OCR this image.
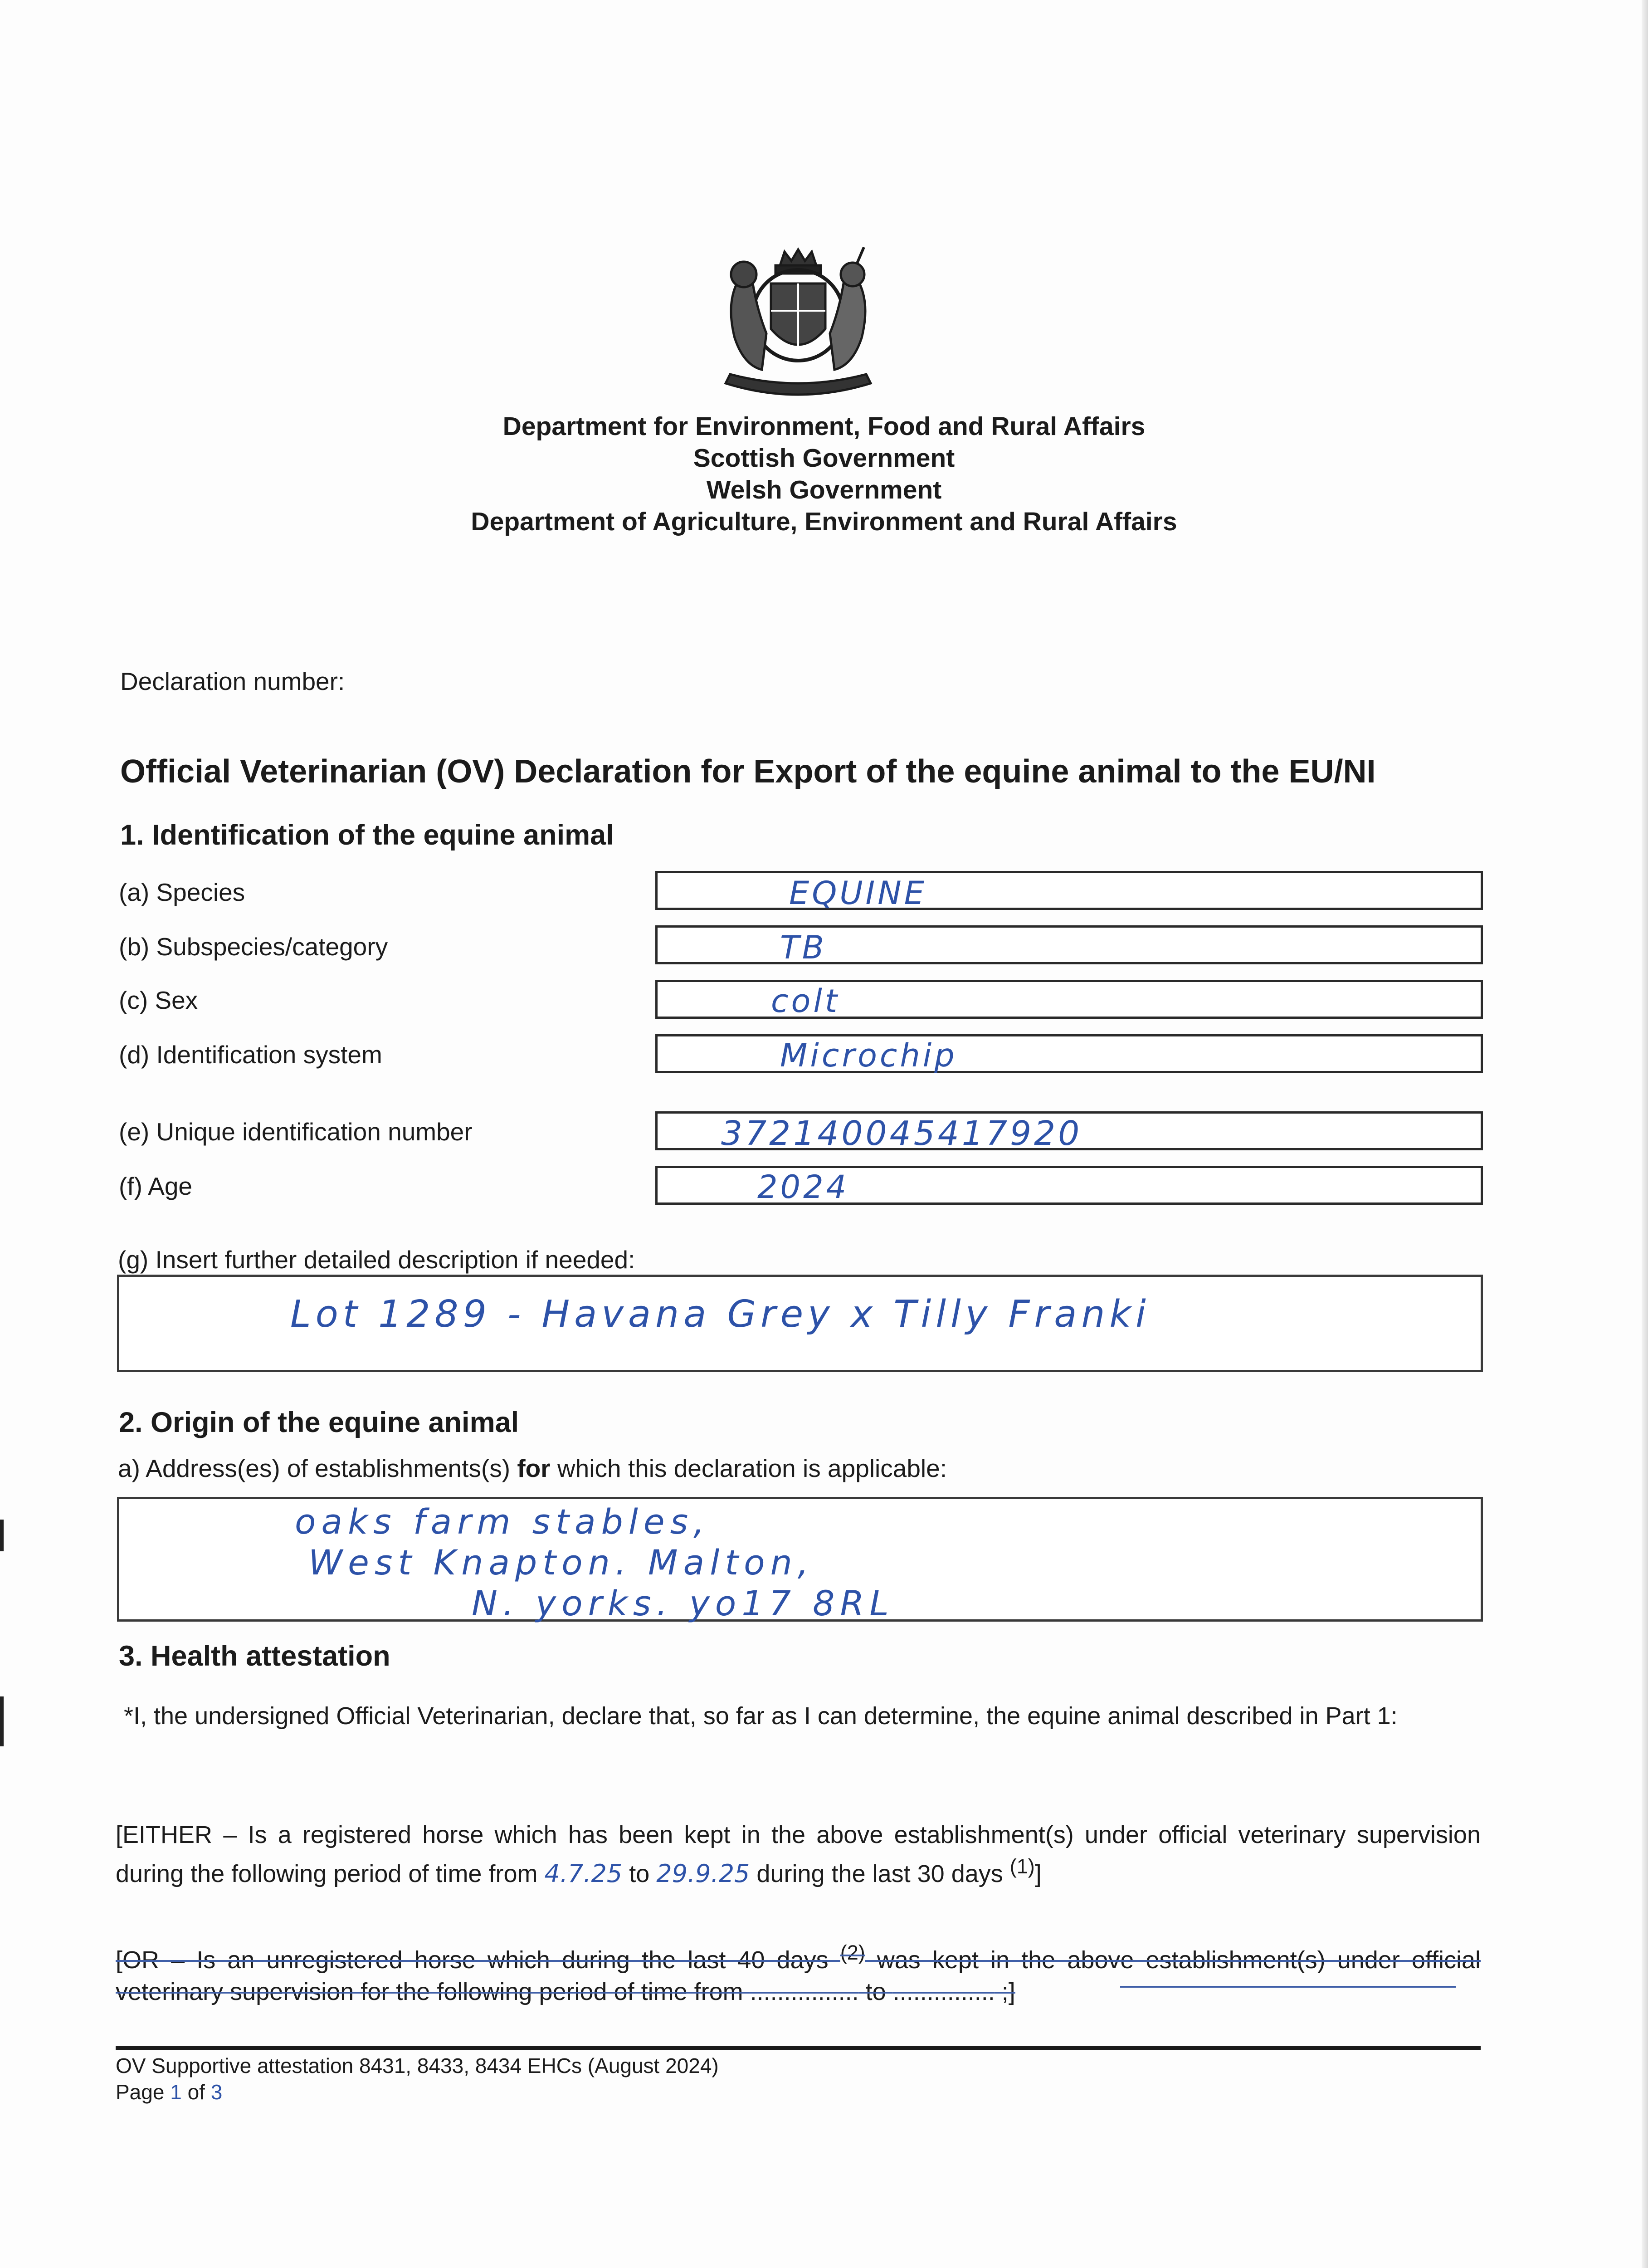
Department for Environment, Food and Rural Affairs
Scottish Government
Welsh Government
Department of Agriculture, Environment and Rural Affairs
Declaration number:
Official Veterinarian (OV) Declaration for Export of the equine animal to the EU/NI
1. Identification of the equine animal
(a) Species	EQUINE
(b) Subspecies/category	TB
(c) Sex	colt
(d) Identification system	Microchip
(e) Unique identification number	372140045417920
(f) Age	2024
(g) Insert further detailed description if needed:
Lot 1289 - Havana Grey x Tilly Franki
2. Origin of the equine animal
a) Address(es) of establishments(s) for which this declaration is applicable:
oaks farm stables,
West Knapton. Malton,
N. yorks. yo17 8RL
3. Health attestation
*I, the undersigned Official Veterinarian, declare that, so far as I can determine, the equine animal described in Part 1:
[EITHER – Is a registered horse which has been kept in the above establishment(s) under official veterinary supervision during the following period of time from 4.7.25 to 29.9.25 during the last 30 days $^{(1)}$]
[OR – Is an unregistered horse which during the last 40 days $^{(2)}$ was kept in the above establishment(s) under official veterinary supervision for the following period of time from ................ to ............... ;]
OV Supportive attestation 8431, 8433, 8434 EHCs (August 2024)
Page 1 of 3
